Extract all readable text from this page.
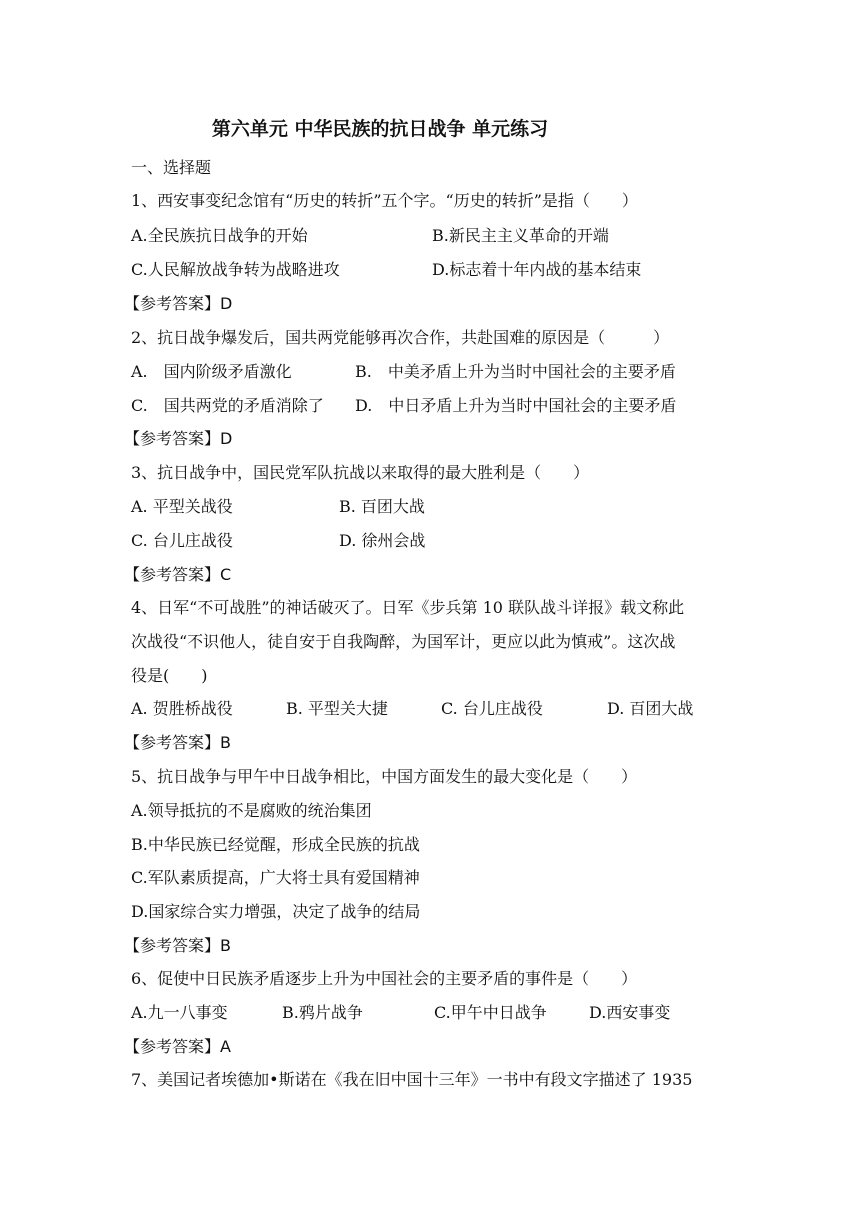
第六单元 中华民族的抗日战争 单元练习
一、选择题
1、西安事变纪念馆有“历史的转折”五个字。“历史的转折”是指（　　）
A.全民族抗日战争的开始	B.新民主主义革命的开端
C.人民解放战争转为战略进攻	D.标志着十年内战的基本结束
【参考答案】D
2、抗日战争爆发后，国共两党能够再次合作，共赴国难的原因是（　　　）
A.　国内阶级矛盾激化	B.　中美矛盾上升为当时中国社会的主要矛盾
C.　国共两党的矛盾消除了 D.　中日矛盾上升为当时中国社会的主要矛盾
【参考答案】D
3、抗日战争中，国民党军队抗战以来取得的最大胜利是（　　）
A. 平型关战役	B. 百团大战
C. 台儿庄战役	D. 徐州会战
【参考答案】C
4、日军“不可战胜”的神话破灭了。日军《步兵第 10 联队战斗详报》载文称此
次战役“不识他人，徒自安于自我陶醉，为国军计，更应以此为慎戒”。这次战
役是(　　)
A. 贺胜桥战役	B. 平型关大捷	C. 台儿庄战役	D. 百团大战
【参考答案】B
5、抗日战争与甲午中日战争相比，中国方面发生的最大变化是（　　）
A.领导抵抗的不是腐败的统治集团
B.中华民族已经觉醒，形成全民族的抗战
C.军队素质提高，广大将士具有爱国精神
D.国家综合实力增强，决定了战争的结局
【参考答案】B
6、促使中日民族矛盾逐步上升为中国社会的主要矛盾的事件是（　　）
A.九一八事变	B.鸦片战争	C.甲午中日战争	D.西安事变
【参考答案】A
7、美国记者埃德加•斯诺在《我在旧中国十三年》一书中有段文字描述了 1935
